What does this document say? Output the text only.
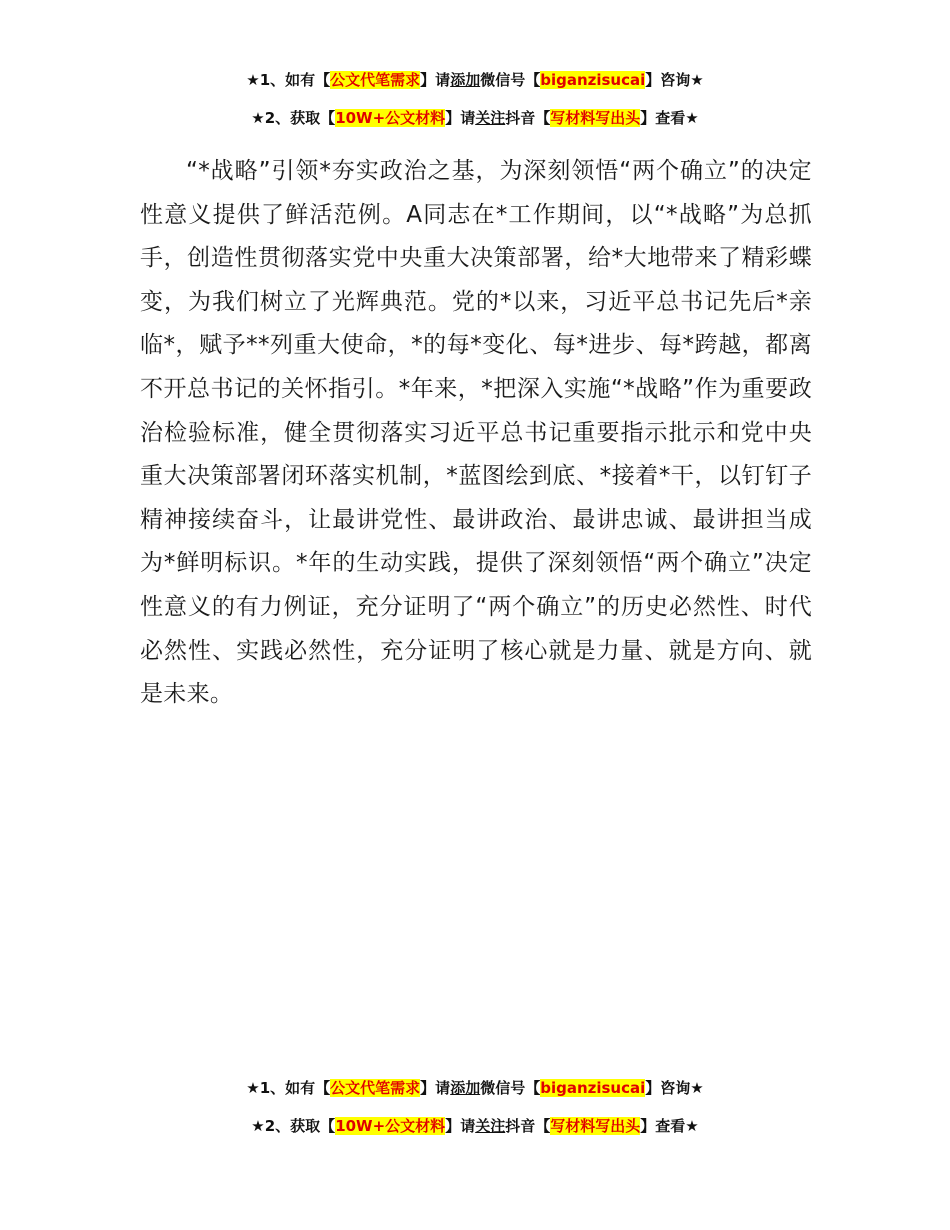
★1、如有【公文代笔需求】请添加微信号【biganzisucai】咨询★
★2、获取【10W+公文材料】请关注抖音【写材料写出头】查看★
“*战略”引领*夯实政治之基，为深刻领悟“两个确立”的决定性意义提供了鲜活范例。A同志在*工作期间，以“*战略”为总抓手，创造性贯彻落实党中央重大决策部署，给*大地带来了精彩蝶变，为我们树立了光辉典范。党的*以来，习近平总书记先后*亲临*，赋予**列重大使命，*的每*变化、每*进步、每*跨越，都离不开总书记的关怀指引。*年来，*把深入实施“*战略”作为重要政治检验标准，健全贯彻落实习近平总书记重要指示批示和党中央重大决策部署闭环落实机制，*蓝图绘到底、*接着*干，以钉钉子精神接续奋斗，让最讲党性、最讲政治、最讲忠诚、最讲担当成为*鲜明标识。*年的生动实践，提供了深刻领悟“两个确立”决定性意义的有力例证，充分证明了“两个确立”的历史必然性、时代必然性、实践必然性，充分证明了核心就是力量、就是方向、就是未来。
★1、如有【公文代笔需求】请添加微信号【biganzisucai】咨询★
★2、获取【10W+公文材料】请关注抖音【写材料写出头】查看★
